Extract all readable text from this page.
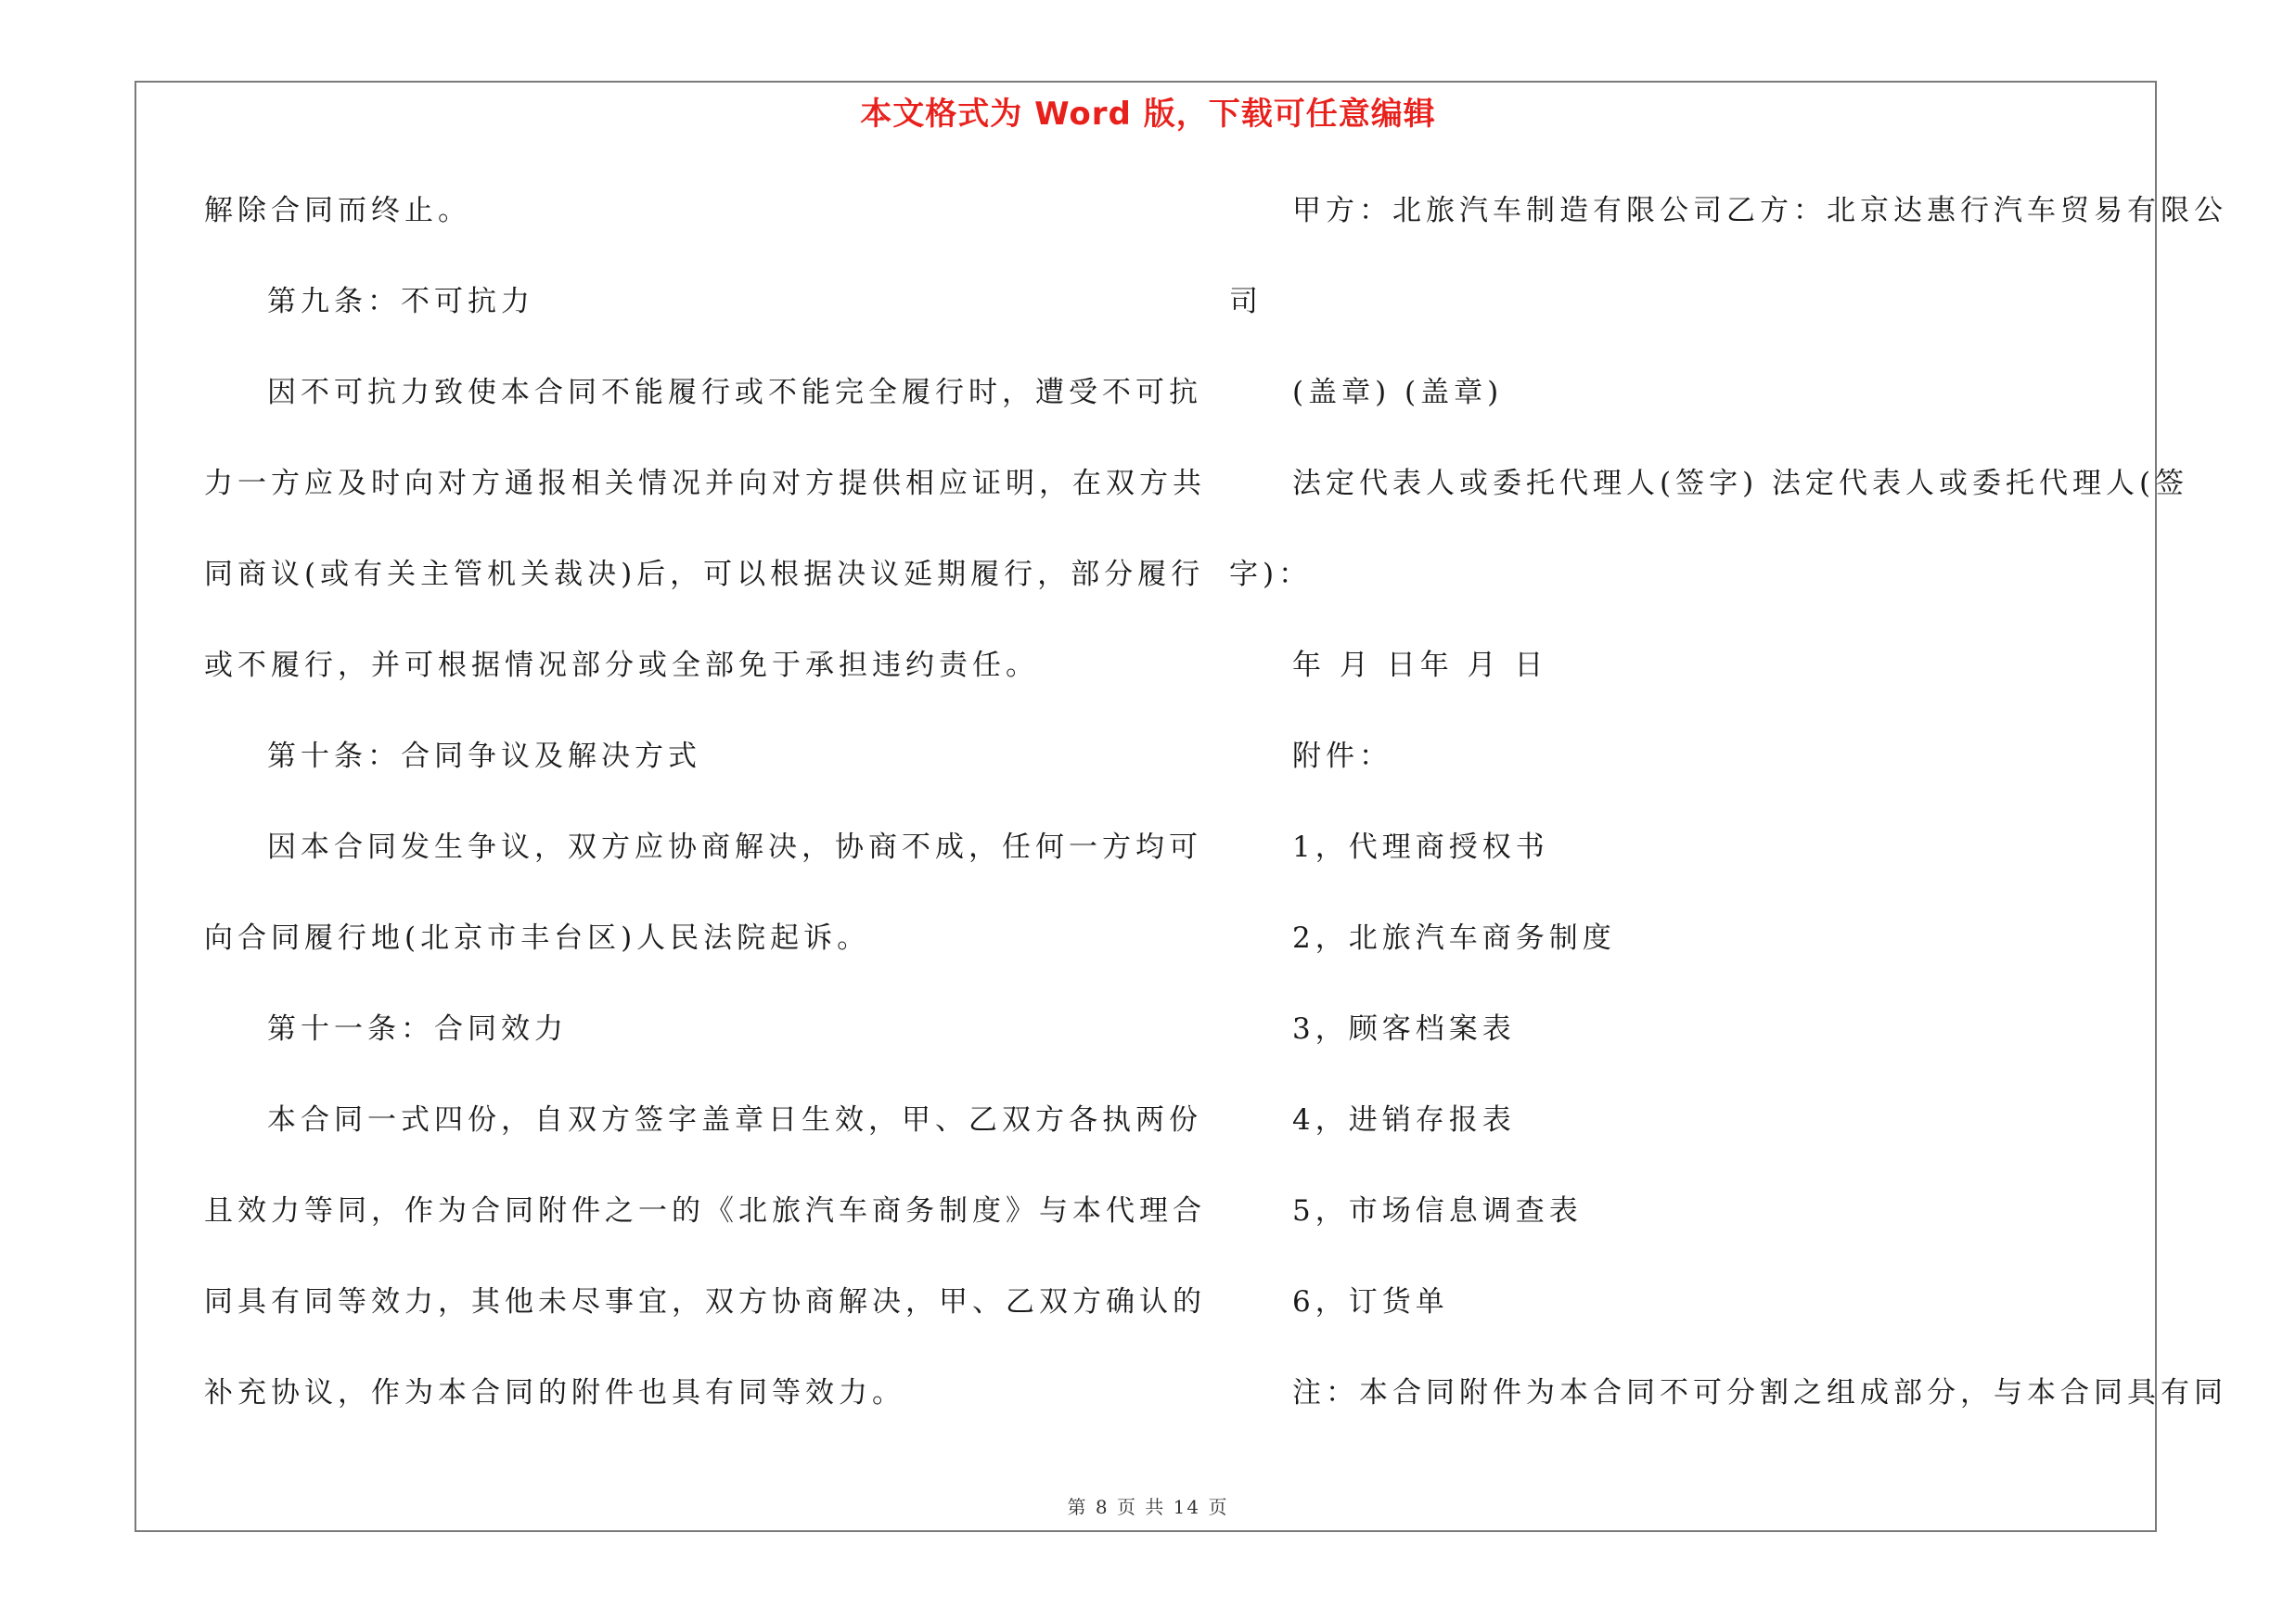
本文格式为 Word 版，下载可任意编辑
解除合同而终止。
第九条：不可抗力
因不可抗力致使本合同不能履行或不能完全履行时，遭受不可抗
力一方应及时向对方通报相关情况并向对方提供相应证明，在双方共
同商议(或有关主管机关裁决)后，可以根据决议延期履行，部分履行
或不履行，并可根据情况部分或全部免于承担违约责任。
第十条：合同争议及解决方式
因本合同发生争议，双方应协商解决，协商不成，任何一方均可
向合同履行地(北京市丰台区)人民法院起诉。
第十一条：合同效力
本合同一式四份，自双方签字盖章日生效，甲、乙双方各执两份
且效力等同，作为合同附件之一的《北旅汽车商务制度》与本代理合
同具有同等效力，其他未尽事宜，双方协商解决，甲、乙双方确认的
补充协议，作为本合同的附件也具有同等效力。
甲方：北旅汽车制造有限公司乙方：北京达惠行汽车贸易有限公
司
(盖章) (盖章)
法定代表人或委托代理人(签字) 法定代表人或委托代理人(签
字)：
年 月 日年 月 日
附件：
1，代理商授权书
2，北旅汽车商务制度
3，顾客档案表
4，进销存报表
5，市场信息调查表
6，订货单
注：本合同附件为本合同不可分割之组成部分，与本合同具有同
第 8 页 共 14 页
